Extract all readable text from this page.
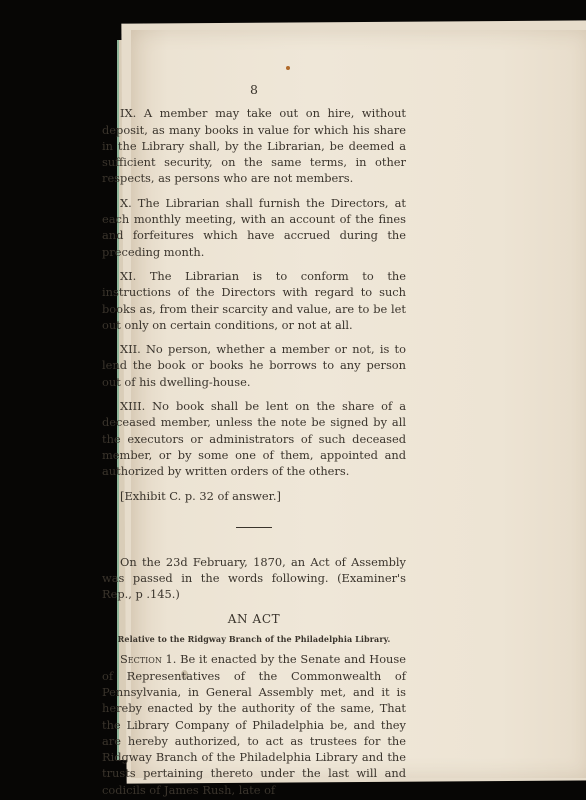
8

IX. A member may take out on hire, without deposit, as many books in value for which his share in the Library shall, by the Librarian, be deemed a sufficient security, on the same terms, in other respects, as persons who are not members.

X. The Librarian shall furnish the Directors, at each monthly meeting, with an account of the fines and forfeitures which have accrued during the preceding month.

XI. The Librarian is to conform to the instructions of the Directors with regard to such books as, from their scarcity and value, are to be let out only on certain conditions, or not at all.

XII. No person, whether a member or not, is to lend the book or books he borrows to any person out of his dwelling-house.

XIII. No book shall be lent on the share of a deceased member, unless the note be signed by all the executors or administrators of such deceased member, or by some one of them, appointed and authorized by written orders of the others.

[Exhibit C. p. 32 of answer.]

On the 23d February, 1870, an Act of Assembly was passed in the words following. (Examiner's Rep., p .145.)

AN ACT
Relative to the Ridgway Branch of the Philadelphia Library.

Section 1. Be it enacted by the Senate and House of Representatives of the Commonwealth of Pennsylvania, in General Assembly met, and it is hereby enacted by the authority of the same, That the Library Company of Philadelphia be, and they are hereby authorized, to act as trustees for the Ridgway Branch of the Philadelphia Library and the trusts pertaining thereto under the last will and codicils of James Rush, late of
